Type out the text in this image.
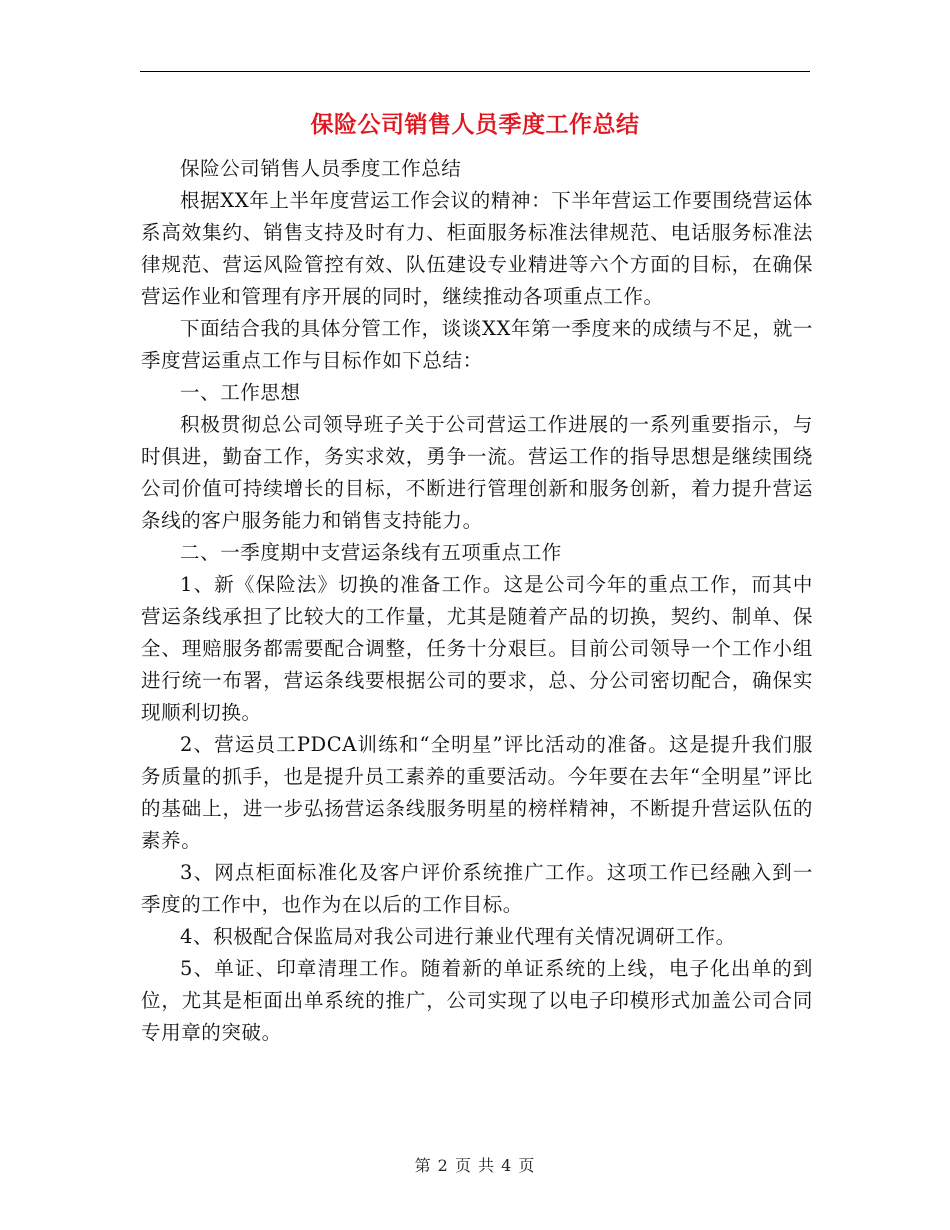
保险公司销售人员季度工作总结

保险公司销售人员季度工作总结

根据XX年上半年度营运工作会议的精神：下半年营运工作要围绕营运体系高效集约、销售支持及时有力、柜面服务标准法律规范、电话服务标准法律规范、营运风险管控有效、队伍建设专业精进等六个方面的目标，在确保营运作业和管理有序开展的同时，继续推动各项重点工作。

下面结合我的具体分管工作，谈谈XX年第一季度来的成绩与不足，就一季度营运重点工作与目标作如下总结：

一、工作思想

积极贯彻总公司领导班子关于公司营运工作进展的一系列重要指示，与时俱进，勤奋工作，务实求效，勇争一流。营运工作的指导思想是继续围绕公司价值可持续增长的目标，不断进行管理创新和服务创新，着力提升营运条线的客户服务能力和销售支持能力。

二、一季度期中支营运条线有五项重点工作

1、新《保险法》切换的准备工作。这是公司今年的重点工作，而其中营运条线承担了比较大的工作量，尤其是随着产品的切换，契约、制单、保全、理赔服务都需要配合调整，任务十分艰巨。目前公司领导一个工作小组进行统一布署，营运条线要根据公司的要求，总、分公司密切配合，确保实现顺利切换。

2、营运员工PDCA训练和“全明星”评比活动的准备。这是提升我们服务质量的抓手，也是提升员工素养的重要活动。今年要在去年“全明星”评比的基础上，进一步弘扬营运条线服务明星的榜样精神，不断提升营运队伍的素养。

3、网点柜面标准化及客户评价系统推广工作。这项工作已经融入到一季度的工作中，也作为在以后的工作目标。

4、积极配合保监局对我公司进行兼业代理有关情况调研工作。

5、单证、印章清理工作。随着新的单证系统的上线，电子化出单的到位，尤其是柜面出单系统的推广，公司实现了以电子印模形式加盖公司合同专用章的突破。

第 2 页 共 4 页
